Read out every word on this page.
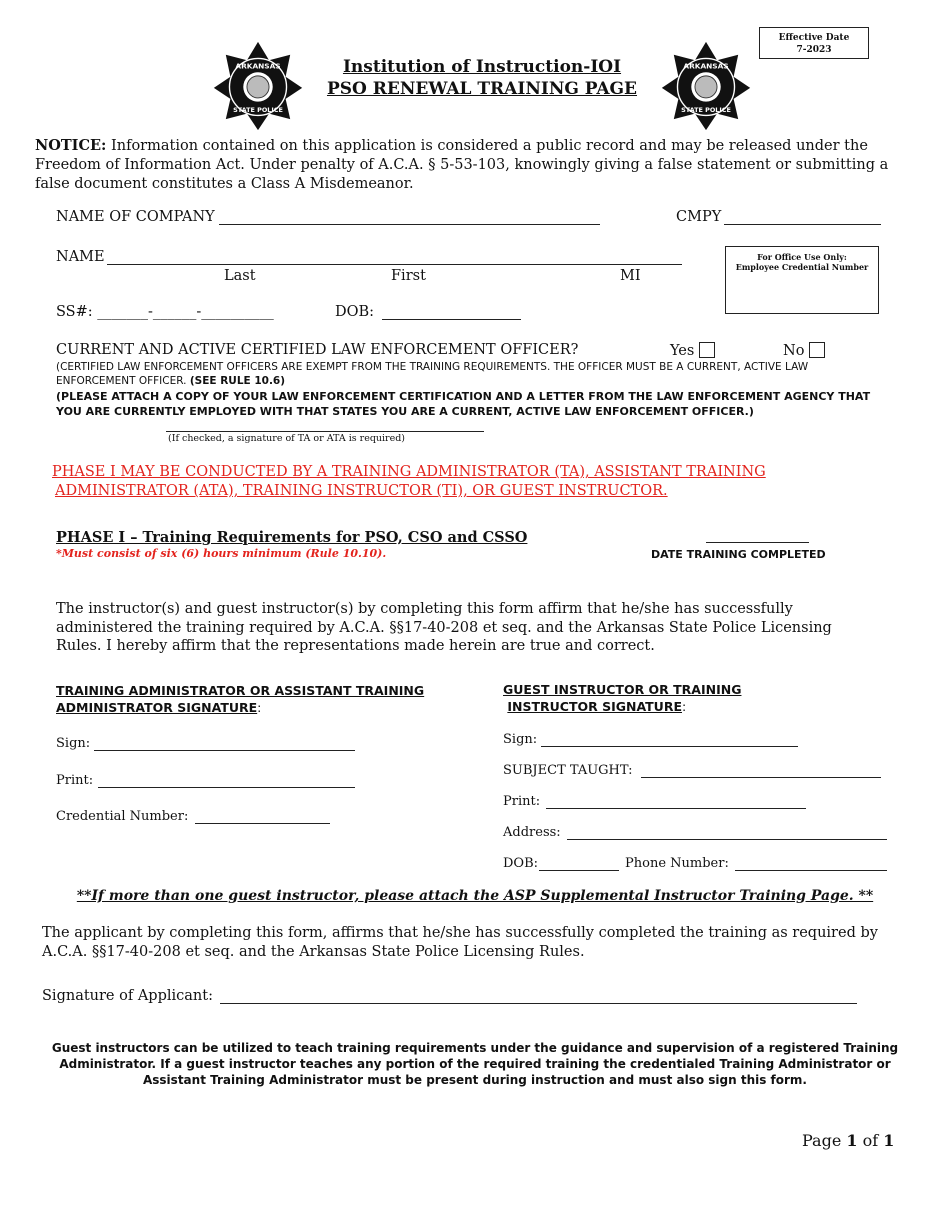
ARKANSAS
STATE POLICE
ARKANSAS
STATE POLICE
Institution of Instruction-IOI
PSO RENEWAL TRAINING PAGE
Effective Date
7-2023
NOTICE: Information contained on this application is considered a public record and may be released under the Freedom of Information Act. Under penalty of A.C.A. § 5-53-103, knowingly giving a false statement or submitting a false document constitutes a Class A Misdemeanor.
NAME OF COMPANY	CMPY
NAME
Last	First	MI
For Office Use Only:
Employee Credential Number
SS#: _______-______-__________	DOB:
CURRENT AND ACTIVE CERTIFIED LAW ENFORCEMENT OFFICER?	Yes	No
(CERTIFIED LAW ENFORCEMENT OFFICERS ARE EXEMPT FROM THE TRAINING REQUIREMENTS. THE OFFICER MUST BE A CURRENT, ACTIVE LAW ENFORCEMENT OFFICER. (SEE RULE 10.6)
(PLEASE ATTACH A COPY OF YOUR LAW ENFORCEMENT CERTIFICATION AND A LETTER FROM THE LAW ENFORCEMENT AGENCY THAT YOU ARE CURRENTLY EMPLOYED WITH THAT STATES YOU ARE A CURRENT, ACTIVE LAW ENFORCEMENT OFFICER.)
(If checked, a signature of TA or ATA is required)
PHASE I MAY BE CONDUCTED BY A TRAINING ADMINISTRATOR (TA), ASSISTANT TRAINING
ADMINISTRATOR (ATA), TRAINING INSTRUCTOR (TI), OR GUEST INSTRUCTOR.
PHASE I – Training Requirements for PSO, CSO and CSSO
*Must consist of six (6) hours minimum (Rule 10.10).	DATE TRAINING COMPLETED
The instructor(s) and guest instructor(s) by completing this form affirm that he/she has successfully administered the training required by A.C.A. §§17-40-208 et seq. and the Arkansas State Police Licensing Rules. I hereby affirm that the representations made herein are true and correct.
TRAINING ADMINISTRATOR OR ASSISTANT TRAINING
ADMINISTRATOR SIGNATURE:
Sign:
Print:
Credential Number:
GUEST INSTRUCTOR OR TRAINING
INSTRUCTOR SIGNATURE:
Sign:
SUBJECT TAUGHT:
Print:
Address:
DOB:	Phone Number:
**If more than one guest instructor, please attach the ASP Supplemental Instructor Training Page. **
The applicant by completing this form, affirms that he/she has successfully completed the training as required by A.C.A. §§17-40-208 et seq. and the Arkansas State Police Licensing Rules.
Signature of Applicant:
Guest instructors can be utilized to teach training requirements under the guidance and supervision of a registered Training Administrator. If a guest instructor teaches any portion of the required training the credentialed Training Administrator or Assistant Training Administrator must be present during instruction and must also sign this form.
Page 1 of 1
